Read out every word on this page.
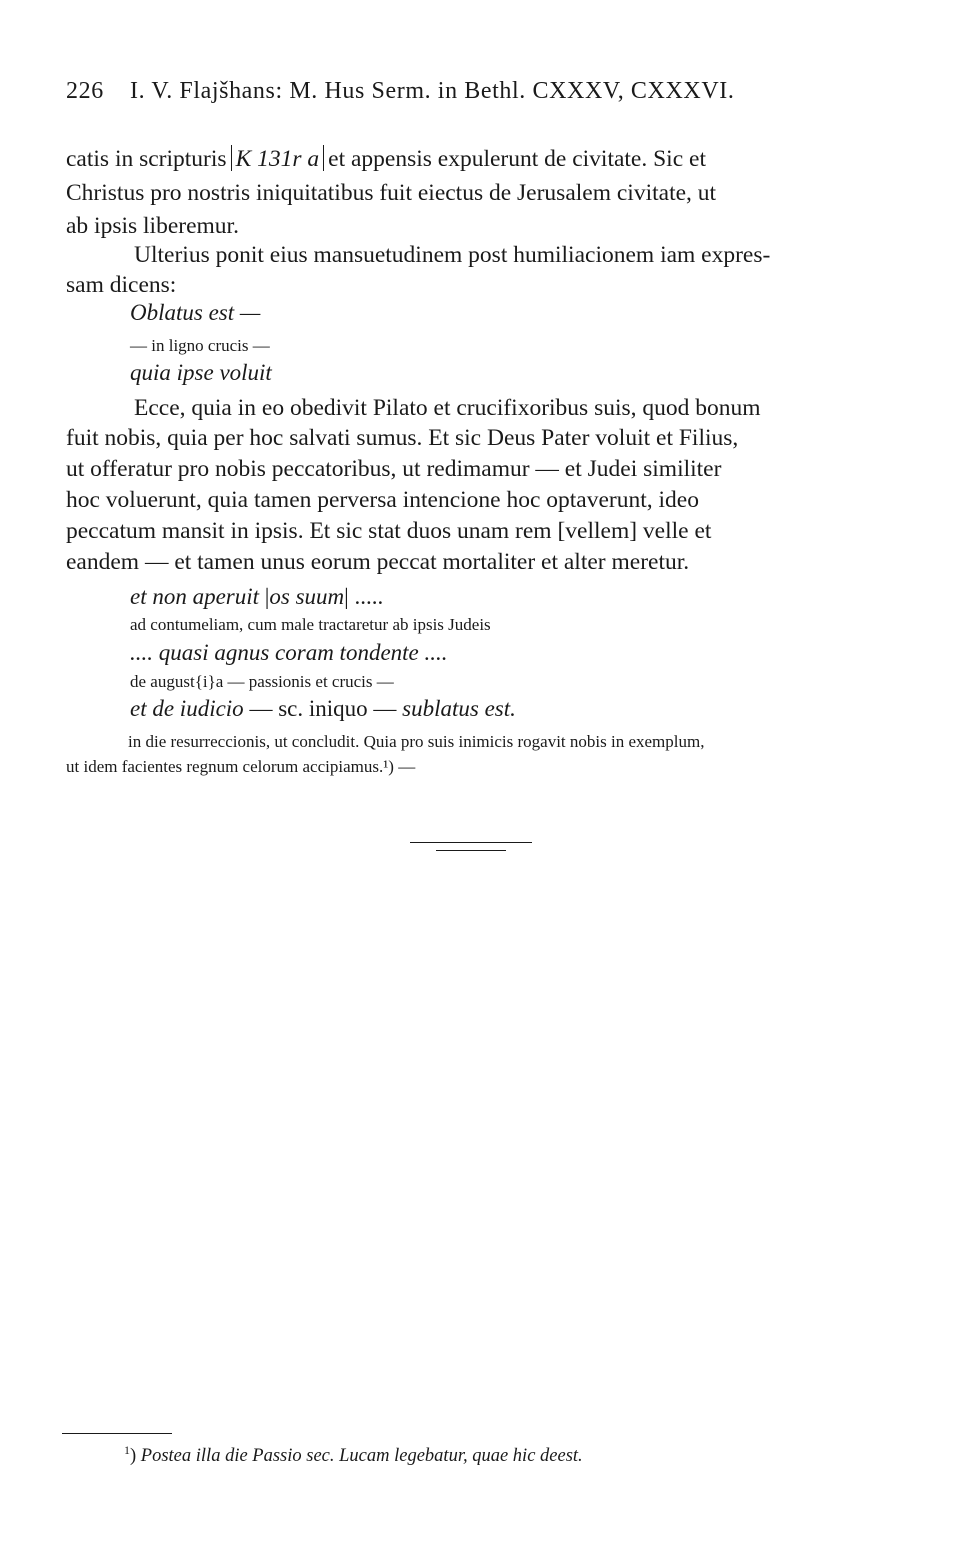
226 I. V. Flajšhans: M. Hus Serm. in Bethl. CXXXV, CXXXVI.
catis in scripturis K 131r a et appensis expulerunt de civitate. Sic et
Christus pro nostris iniquitatibus fuit eiectus de Jerusalem civitate, ut
ab ipsis liberemur.
Ulterius ponit eius mansuetudinem post humiliacionem iam expres-
sam dicens:
Oblatus est —
— in ligno crucis —
quia ipse voluit
Ecce, quia in eo obedivit Pilato et crucifixoribus suis, quod bonum
fuit nobis, quia per hoc salvati sumus. Et sic Deus Pater voluit et Filius,
ut offeratur pro nobis peccatoribus, ut redimamur — et Judei similiter
hoc voluerunt, quia tamen perversa intencione hoc optaverunt, ideo
peccatum mansit in ipsis. Et sic stat duos unam rem [vellem] velle et
eandem — et tamen unus eorum peccat mortaliter et alter meretur.
et non aperuit |os suum| .....
ad contumeliam, cum male tractaretur ab ipsis Judeis
.... quasi agnus coram tondente ....
de august{i}a — passionis et crucis —
et de iudicio — sc. iniquo — sublatus est.
in die resurreccionis, ut concludit. Quia pro suis inimicis rogavit nobis in exemplum,
ut idem facientes regnum celorum accipiamus.¹) —
$^1$) Postea illa die Passio sec. Lucam legebatur, quae hic deest.
